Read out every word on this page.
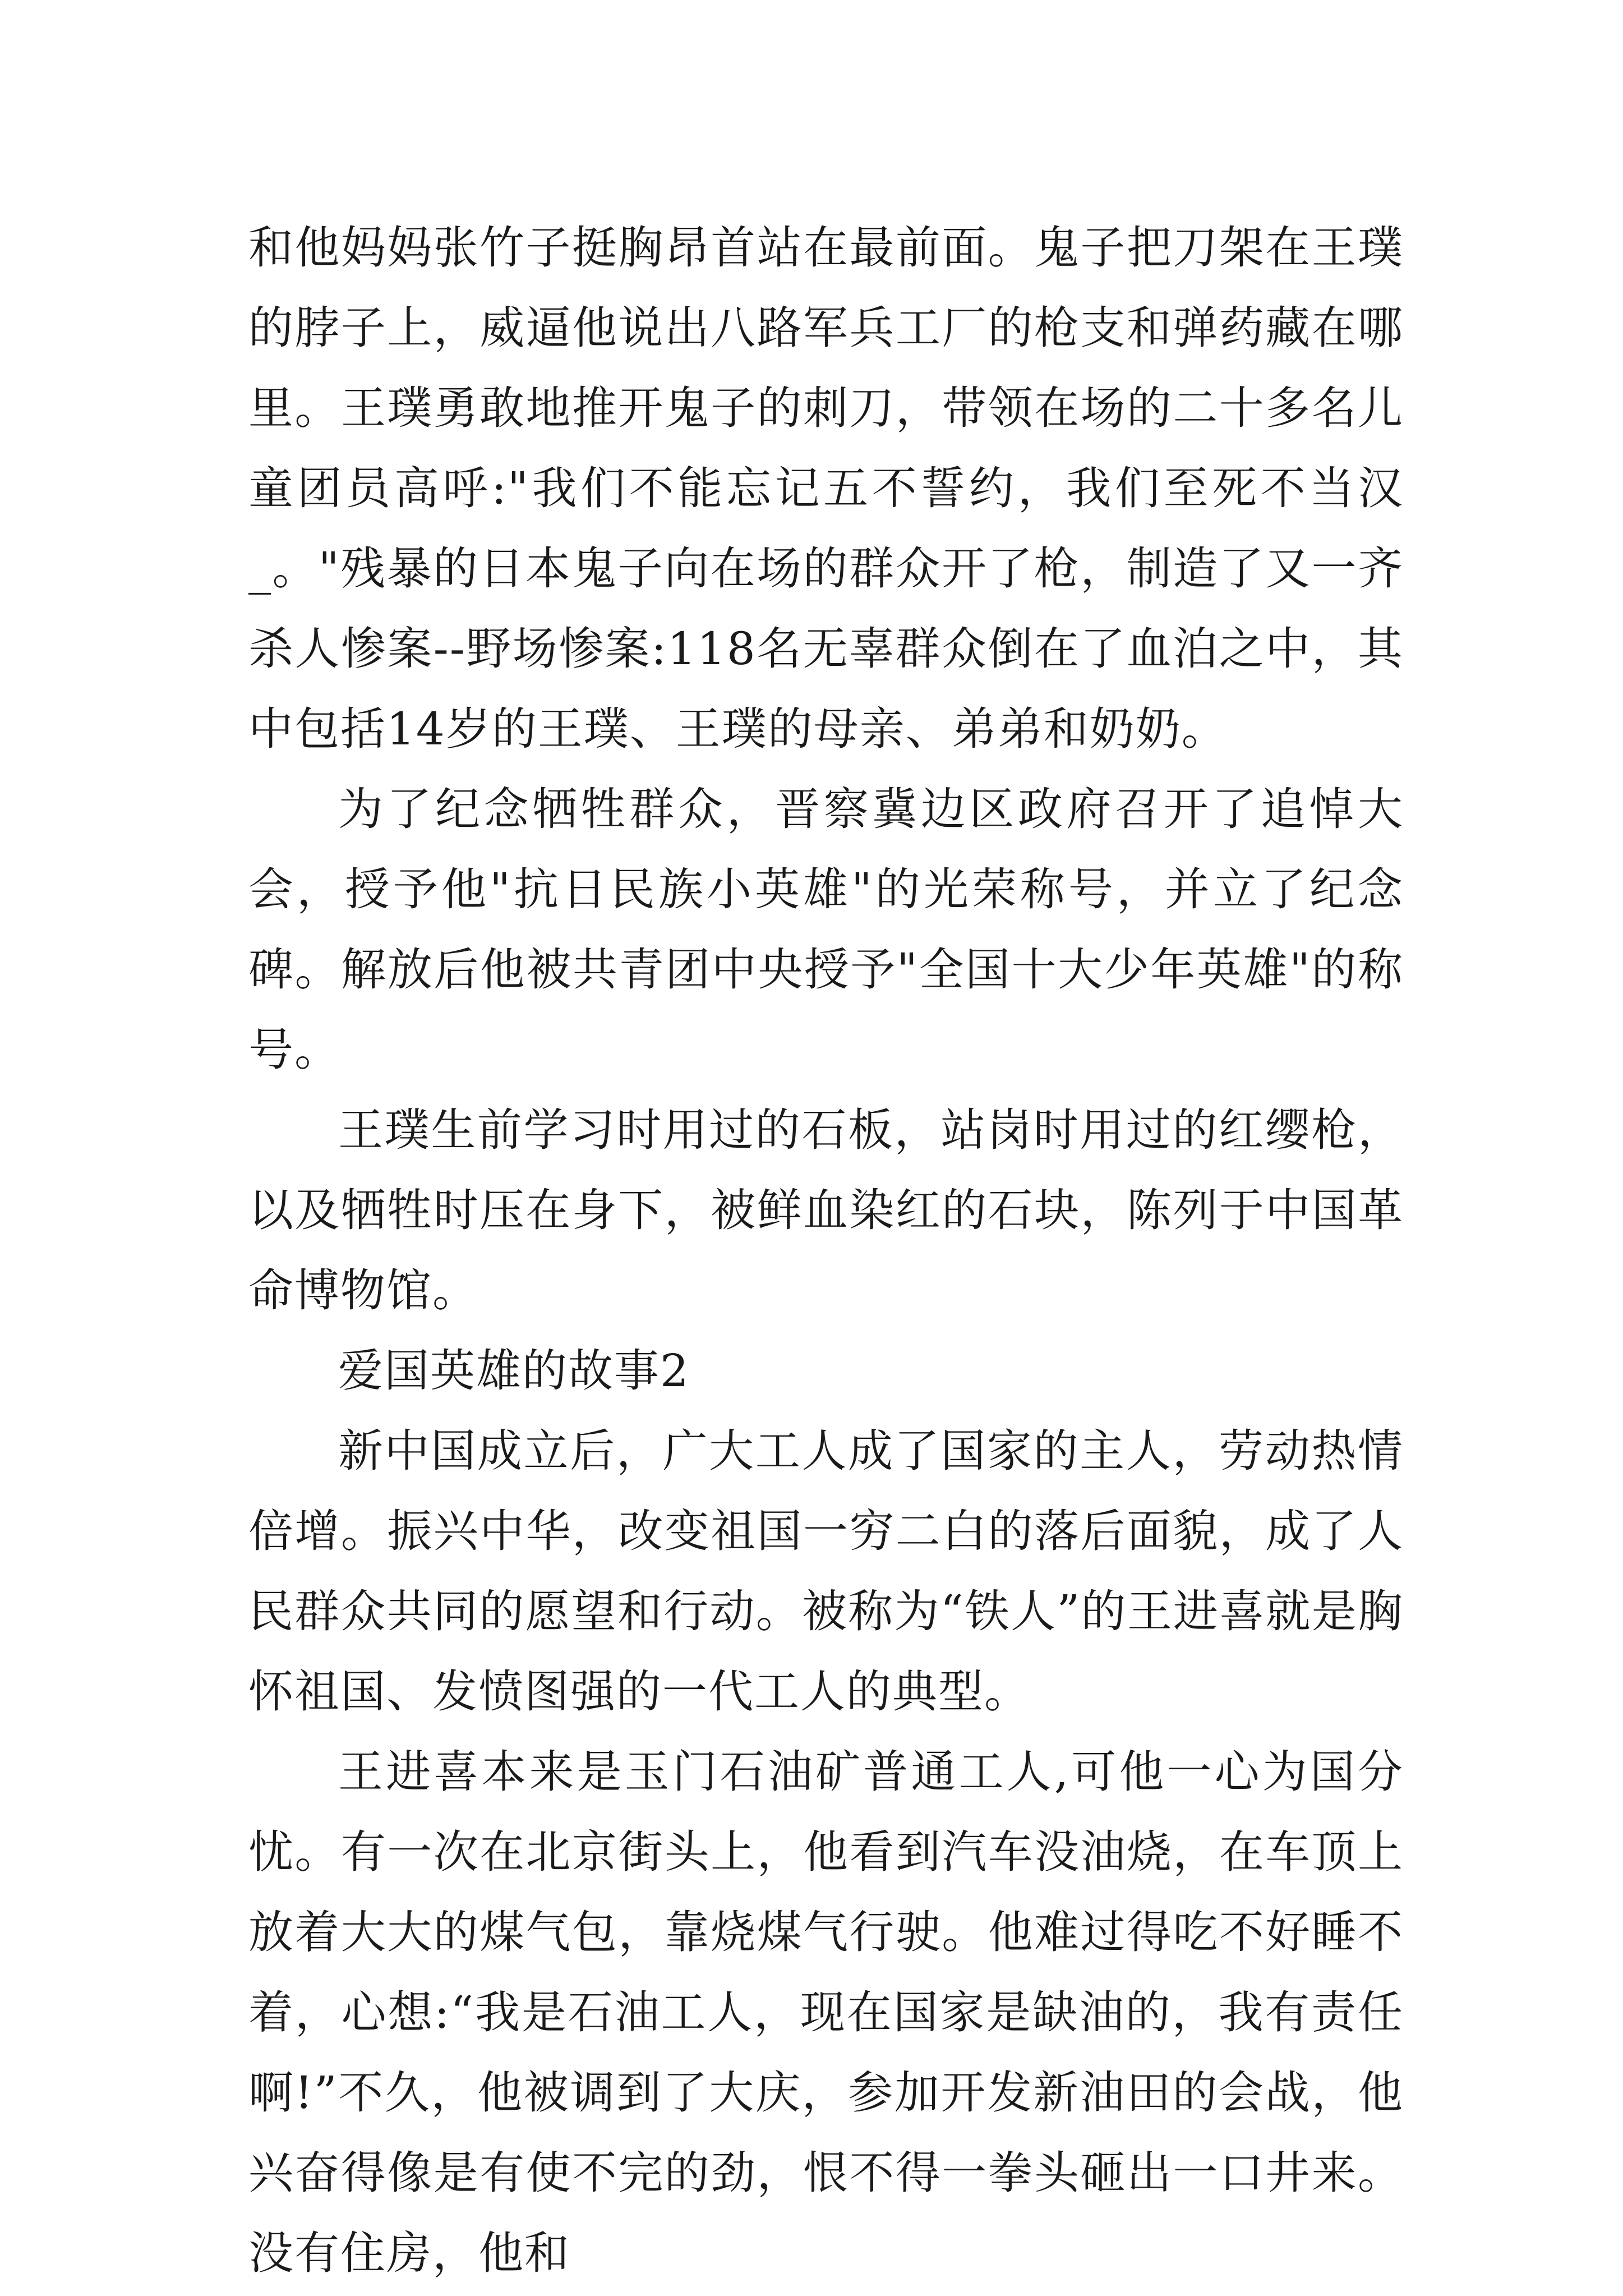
和他妈妈张竹子挺胸昂首站在最前面。鬼子把刀架在王璞的脖子上，威逼他说出八路军兵工厂的枪支和弹药藏在哪里。王璞勇敢地推开鬼子的刺刀，带领在场的二十多名儿童团员高呼:"我们不能忘记五不誓约，我们至死不当汉_。"残暴的日本鬼子向在场的群众开了枪，制造了又一齐杀人惨案--野场惨案:118名无辜群众倒在了血泊之中，其中包括14岁的王璞、王璞的母亲、弟弟和奶奶。

为了纪念牺牲群众，晋察冀边区政府召开了追悼大会，授予他"抗日民族小英雄"的光荣称号，并立了纪念碑。解放后他被共青团中央授予"全国十大少年英雄"的称号。

王璞生前学习时用过的石板，站岗时用过的红缨枪，以及牺牲时压在身下，被鲜血染红的石块，陈列于中国革命博物馆。

爱国英雄的故事2

新中国成立后，广大工人成了国家的主人，劳动热情倍增。振兴中华，改变祖国一穷二白的落后面貌，成了人民群众共同的愿望和行动。被称为“铁人”的王进喜就是胸怀祖国、发愤图强的一代工人的典型。

王进喜本来是玉门石油矿普通工人,可他一心为国分忧。有一次在北京街头上，他看到汽车没油烧，在车顶上放着大大的煤气包，靠烧煤气行驶。他难过得吃不好睡不着，心想:“我是石油工人，现在国家是缺油的，我有责任啊!”不久，他被调到了大庆，参加开发新油田的会战，他兴奋得像是有使不完的劲，恨不得一拳头砸出一口井来。没有住房，他和
